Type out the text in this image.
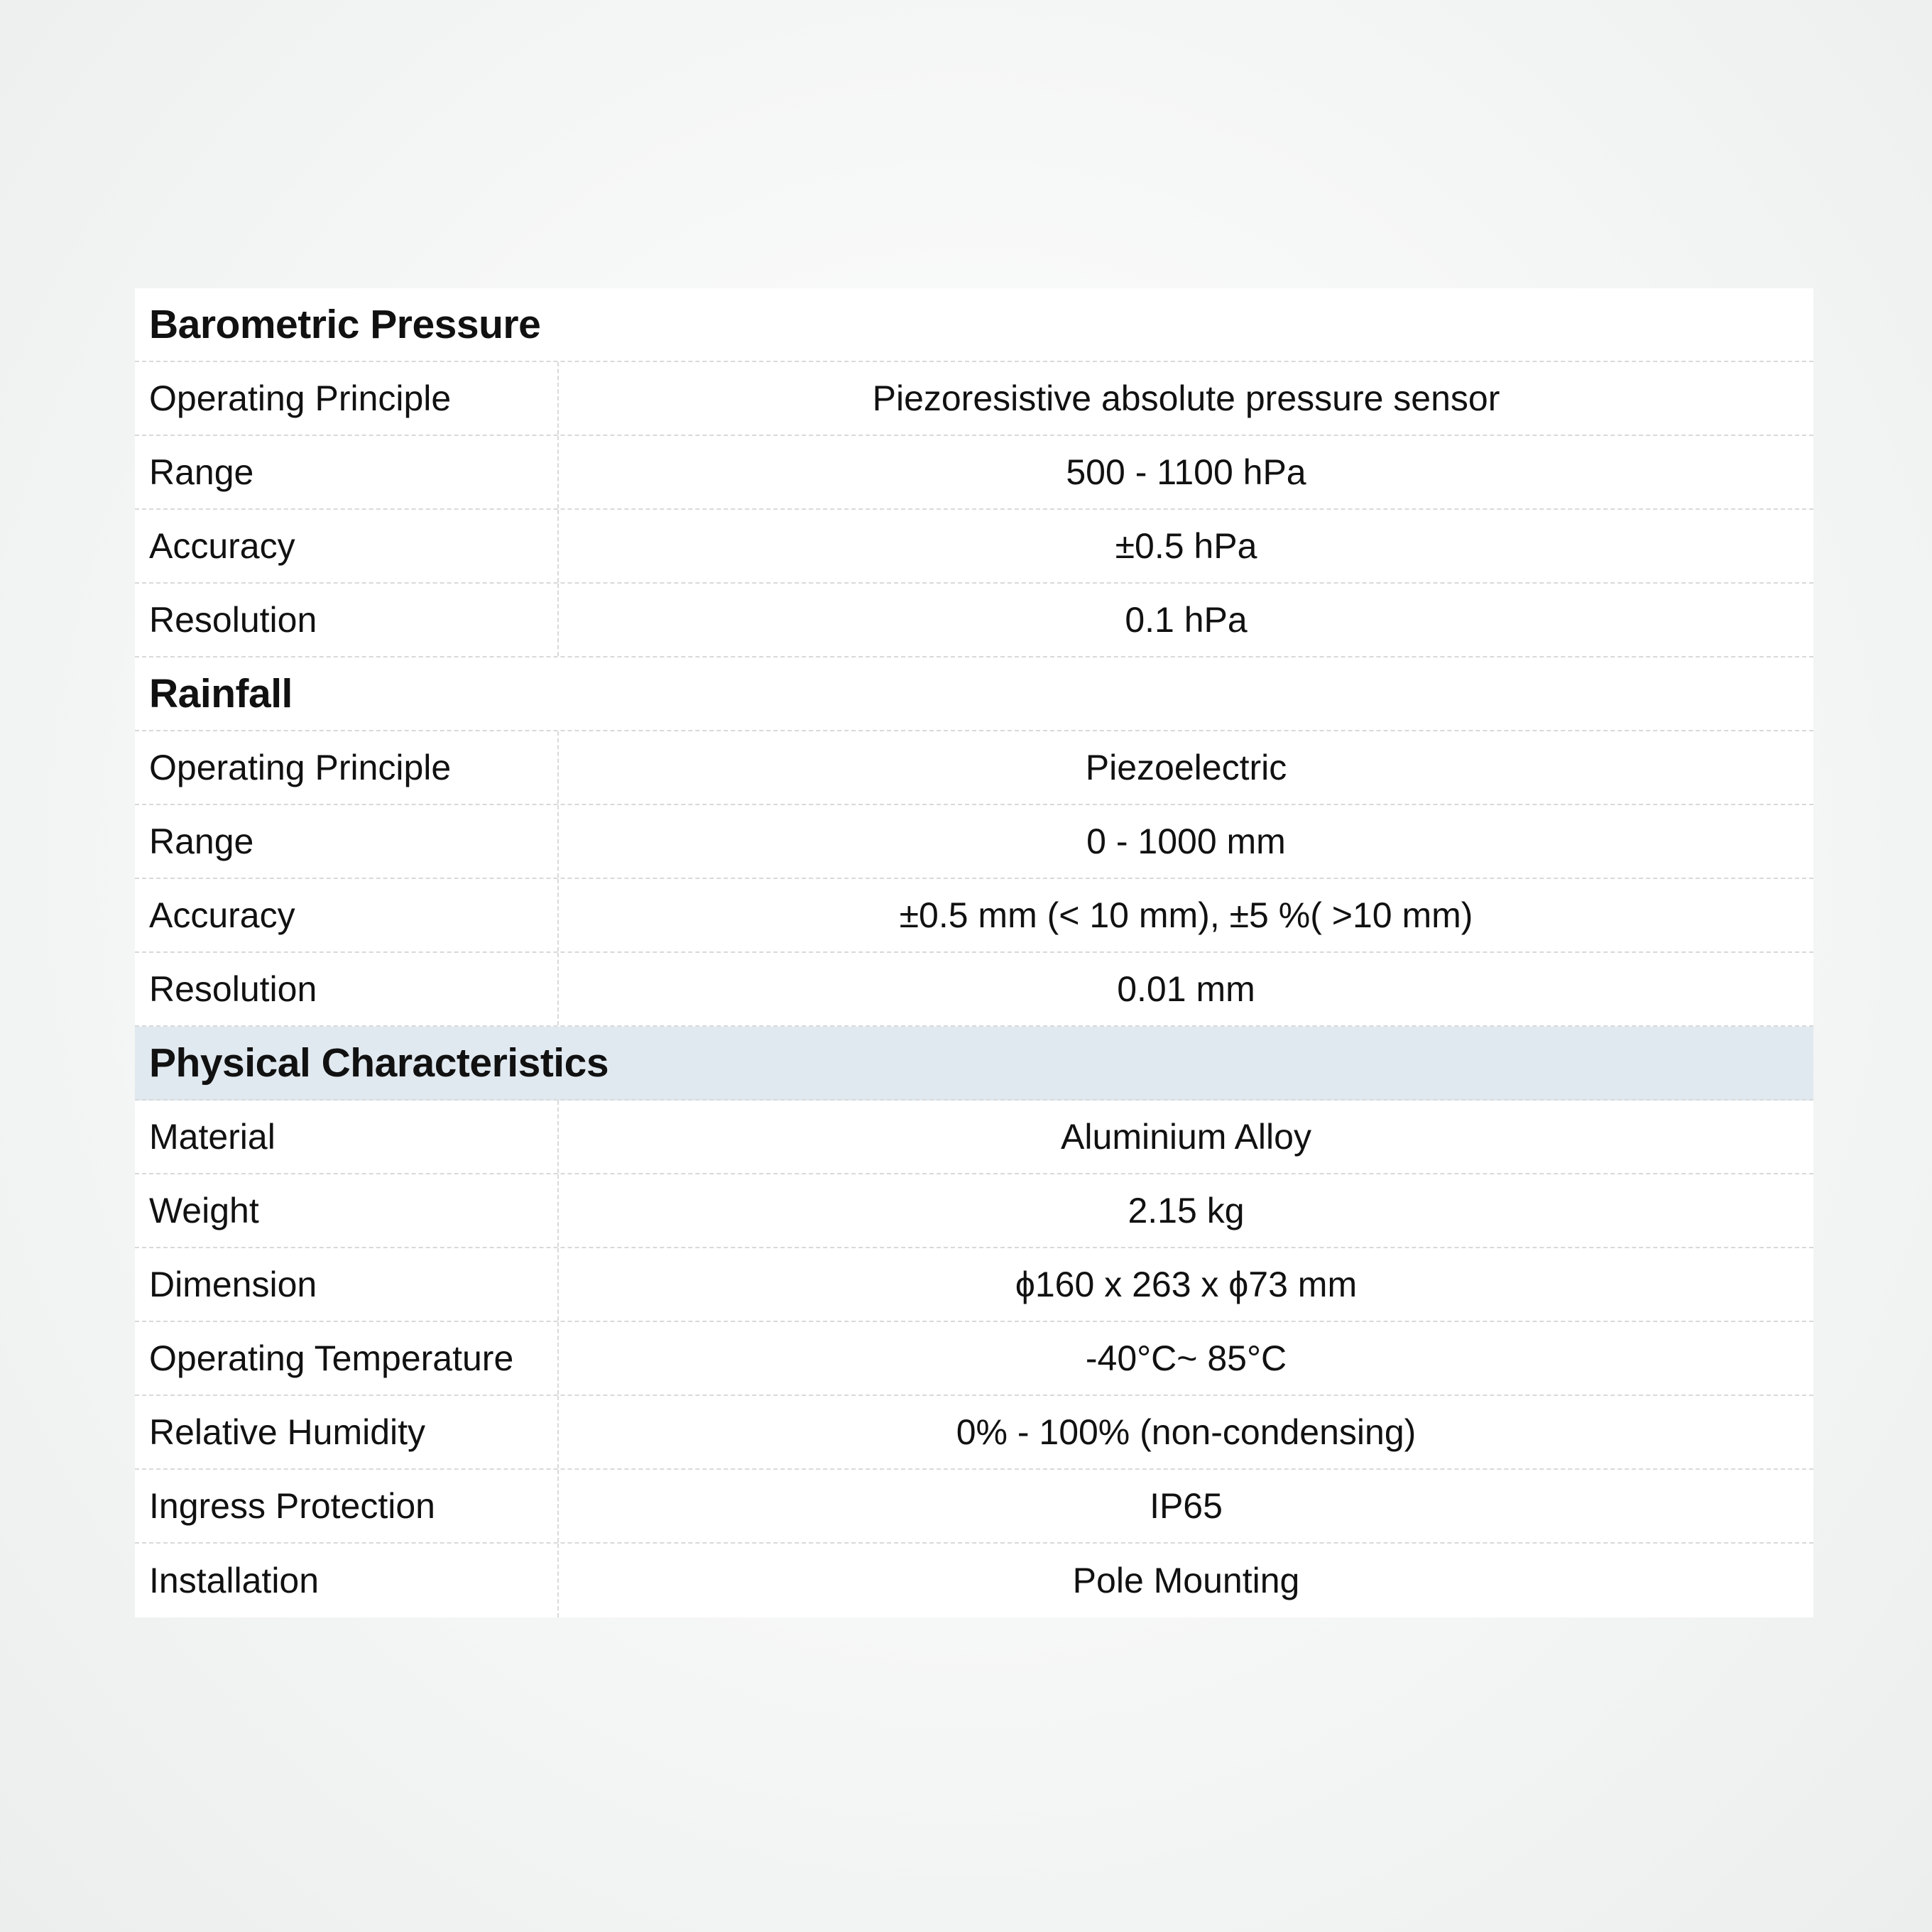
Barometric Pressure
Operating Principle	Piezoresistive absolute pressure sensor
Range	500 - 1100 hPa
Accuracy	±0.5 hPa
Resolution	0.1 hPa
Rainfall
Operating Principle	Piezoelectric
Range	0 - 1000 mm
Accuracy	±0.5 mm (< 10 mm), ±5 %( >10 mm)
Resolution	0.01 mm
Physical Characteristics
Material	Aluminium Alloy
Weight	2.15 kg
Dimension	ϕ160 x 263 x ϕ73 mm
Operating Temperature	-40°C~ 85°C
Relative Humidity	0% - 100% (non-condensing)
Ingress Protection	IP65
Installation	Pole Mounting
